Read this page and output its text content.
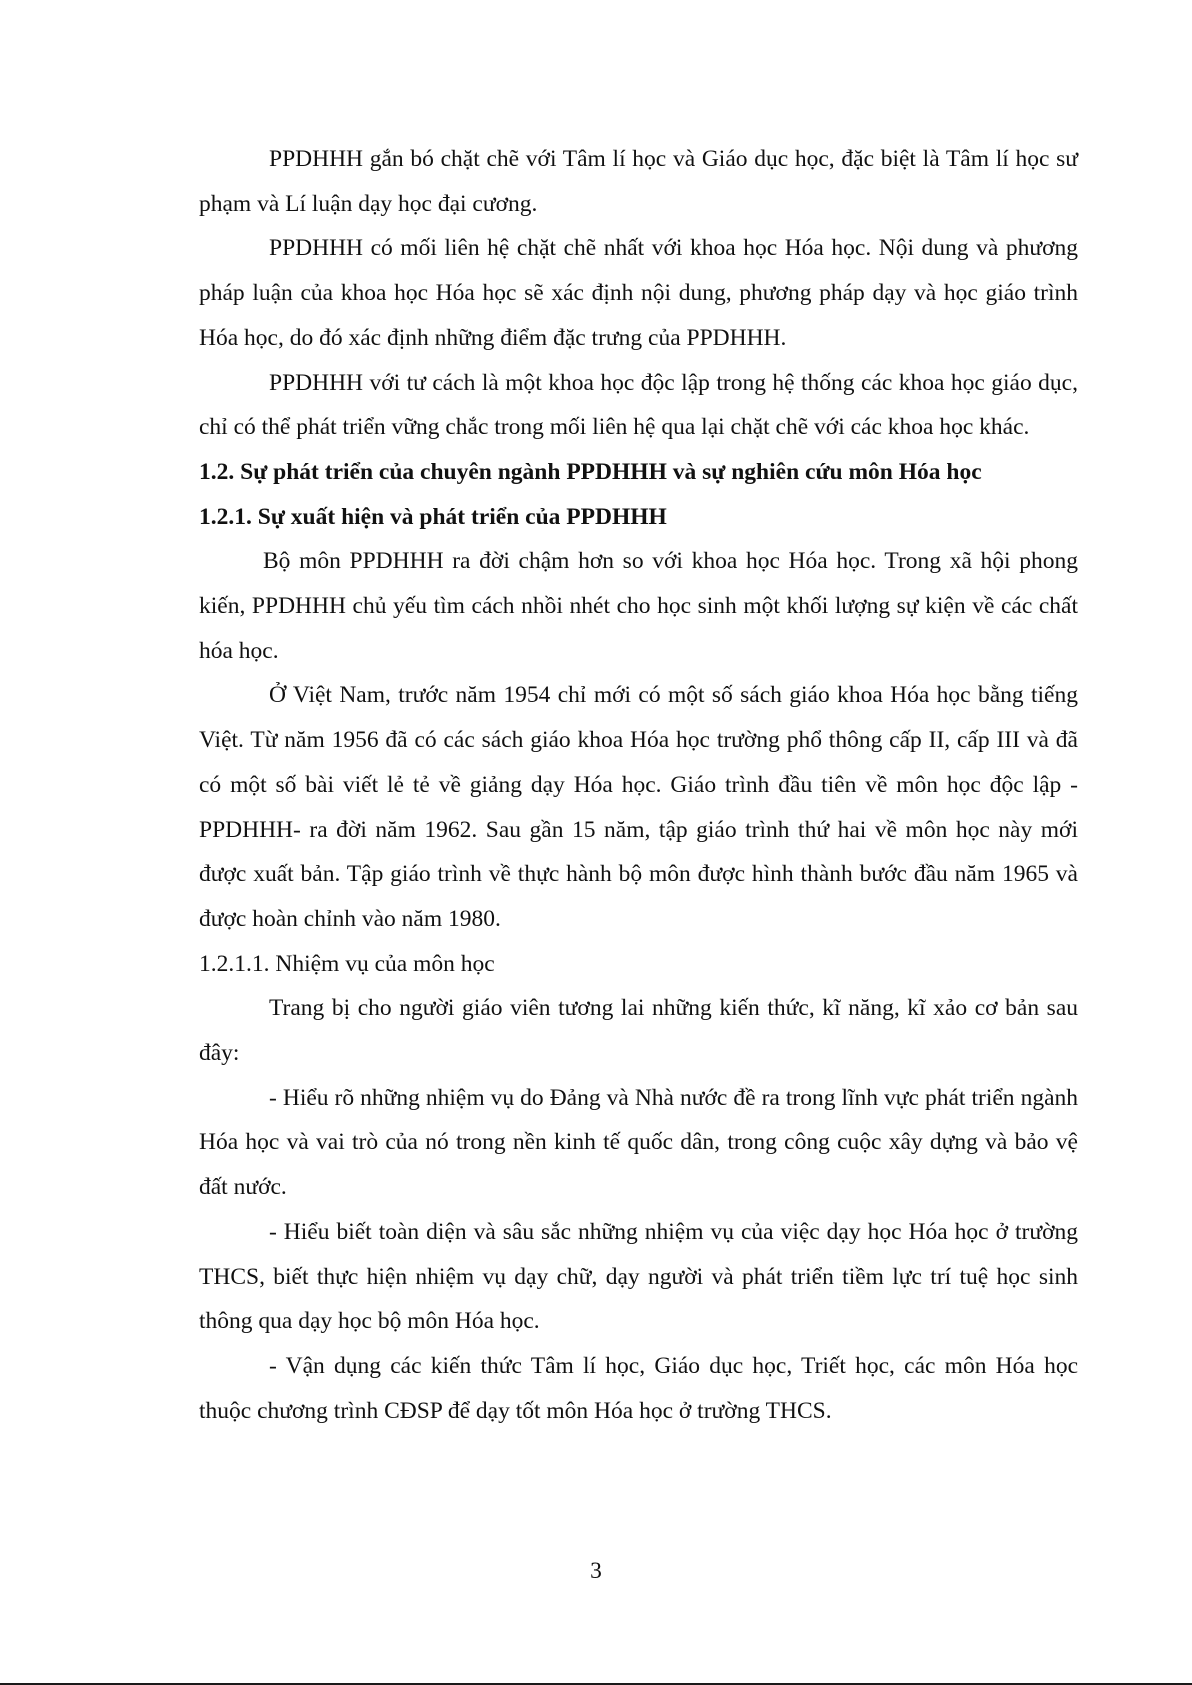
PPDHHH gắn bó chặt chẽ với Tâm lí học và Giáo dục học, đặc biệt là Tâm lí học sư phạm và Lí luận dạy học đại cương.

PPDHHH có mối liên hệ chặt chẽ nhất với khoa học Hóa học. Nội dung và phương pháp luận của khoa học Hóa học sẽ xác định nội dung, phương pháp dạy và học giáo trình Hóa học, do đó xác định những điểm đặc trưng của PPDHHH.

PPDHHH với tư cách là một khoa học độc lập trong hệ thống các khoa học giáo dục, chỉ có thể phát triển vững chắc trong mối liên hệ qua lại chặt chẽ với các khoa học khác.

1.2. Sự phát triển của chuyên ngành PPDHHH và sự nghiên cứu môn Hóa học

1.2.1. Sự xuất hiện và phát triển của PPDHHH

Bộ môn PPDHHH ra đời chậm hơn so với khoa học Hóa học. Trong xã hội phong kiến, PPDHHH chủ yếu tìm cách nhồi nhét cho học sinh một khối lượng sự kiện về các chất hóa học.

Ở Việt Nam, trước năm 1954 chỉ mới có một số sách giáo khoa Hóa học bằng tiếng Việt. Từ năm 1956 đã có các sách giáo khoa Hóa học trường phổ thông cấp II, cấp III và đã có một số bài viết lẻ tẻ về giảng dạy Hóa học. Giáo trình đầu tiên về môn học độc lập -PPDHHH- ra đời năm 1962. Sau gần 15 năm, tập giáo trình thứ hai về môn học này mới được xuất bản. Tập giáo trình về thực hành bộ môn được hình thành bước đầu năm 1965 và được hoàn chỉnh vào năm 1980.

1.2.1.1. Nhiệm vụ của môn học

Trang bị cho người giáo viên tương lai những kiến thức, kĩ năng, kĩ xảo cơ bản sau đây:

- Hiểu rõ những nhiệm vụ do Đảng và Nhà nước đề ra trong lĩnh vực phát triển ngành Hóa học và vai trò của nó trong nền kinh tế quốc dân, trong công cuộc xây dựng và bảo vệ đất nước.

- Hiểu biết toàn diện và sâu sắc những nhiệm vụ của việc dạy học Hóa học ở trường THCS, biết thực hiện nhiệm vụ dạy chữ, dạy người và phát triển tiềm lực trí tuệ học sinh thông qua dạy học bộ môn Hóa học.

- Vận dụng các kiến thức Tâm lí học, Giáo dục học, Triết học, các môn Hóa học thuộc chương trình CĐSP để dạy tốt môn Hóa học ở trường THCS.

3
